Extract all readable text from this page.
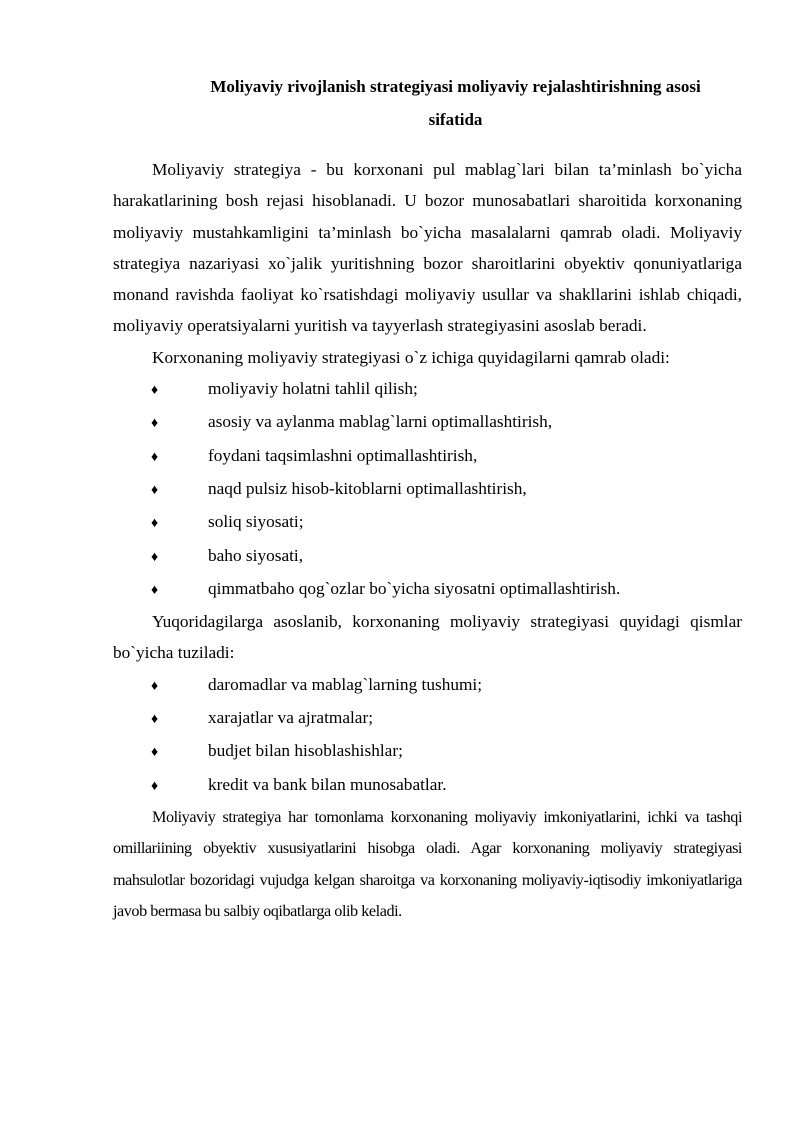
Moliyaviy rivojlanish strategiyasi moliyaviy rejalashtirishning asosi
sifatida

Moliyaviy strategiya - bu korxonani pul mablag`lari bilan ta’minlash bo`yicha harakatlarining bosh rejasi hisoblanadi. U bozor munosabatlari sharoitida korxonaning moliyaviy mustahkamligini ta’minlash bo`yicha masalalarni qamrab oladi. Moliyaviy strategiya nazariyasi xo`jalik yuritishning bozor sharoitlarini obyektiv qonuniyatlariga monand ravishda faoliyat ko`rsatishdagi moliyaviy usullar va shakllarini ishlab chiqadi, moliyaviy operatsiyalarni yuritish va tayyerlash strategiyasini asoslab beradi.

Korxonaning moliyaviy strategiyasi o`z ichiga quyidagilarni qamrab oladi:

♦	moliyaviy holatni tahlil qilish;
♦	asosiy va aylanma mablag`larni optimallashtirish,
♦	foydani taqsimlashni optimallashtirish,
♦	naqd pulsiz hisob-kitoblarni optimallashtirish,
♦	soliq siyosati;
♦	baho siyosati,
♦	qimmatbaho qog`ozlar bo`yicha siyosatni optimallashtirish.

Yuqoridagilarga asoslanib, korxonaning moliyaviy strategiyasi quyidagi qismlar bo`yicha tuziladi:

♦	daromadlar va mablag`larning tushumi;
♦	xarajatlar va ajratmalar;
♦	budjet bilan hisoblashishlar;
♦	kredit va bank bilan munosabatlar.

Moliyaviy strategiya har tomonlama korxonaning moliyaviy imkoniyatlarini, ichki va tashqi omillariining obyektiv xususiyatlarini hisobga oladi. Agar korxonaning moliyaviy strategiyasi mahsulotlar bozoridagi vujudga kelgan sharoitga va korxonaning moliyaviy-iqtisodiy imkoniyatlariga javob bermasa bu salbiy oqibatlarga olib keladi.
